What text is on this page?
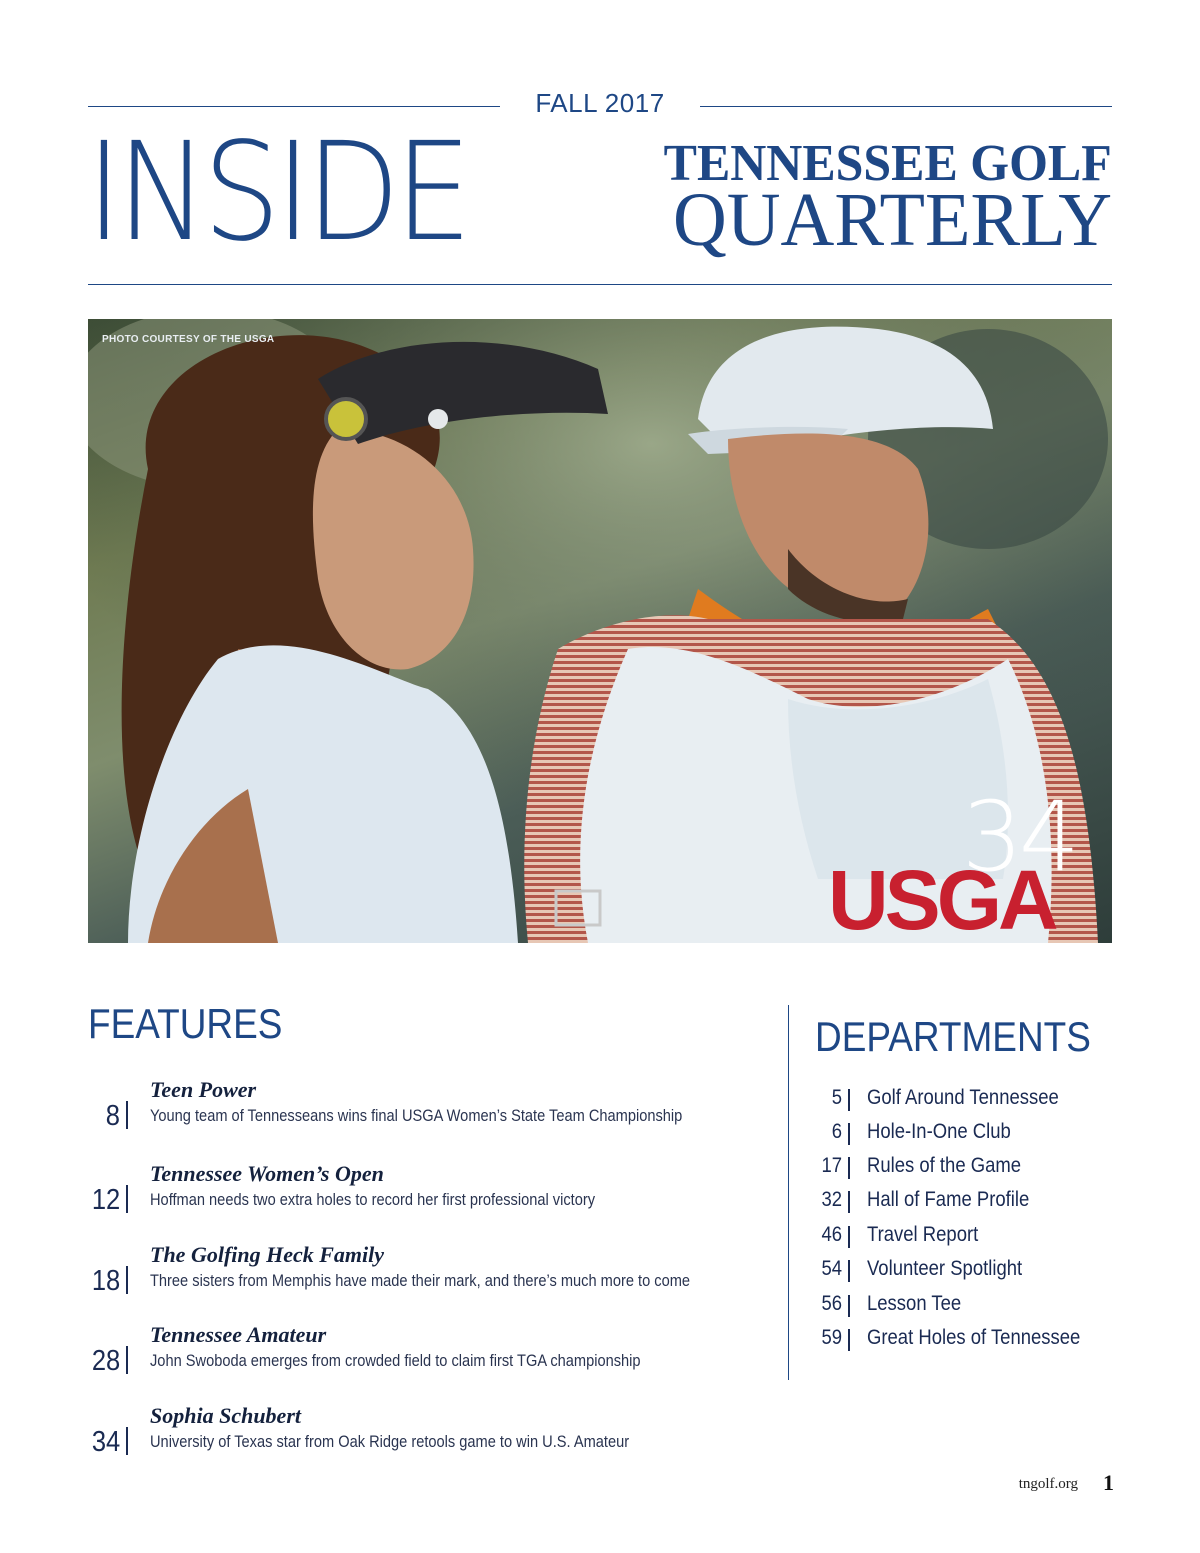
FALL 2017
INSIDE	TENNESSEE GOLF
QUARTERLY
USGA
PHOTO COURTESY OF THE USGA
34
FEATURES
8
Teen Power
Young team of Tennesseans wins final USGA Women’s State Team Championship
12
Tennessee Women’s Open
Hoffman needs two extra holes to record her first professional victory
18
The Golfing Heck Family
Three sisters from Memphis have made their mark, and there’s much more to come
28
Tennessee Amateur
John Swoboda emerges from crowded field to claim first TGA championship
34
Sophia Schubert
University of Texas star from Oak Ridge retools game to win U.S. Amateur
DEPARTMENTS
5 Golf Around Tennessee
6 Hole-In-One Club
17 Rules of the Game
32 Hall of Fame Profile
46 Travel Report
54 Volunteer Spotlight
56 Lesson Tee
59 Great Holes of Tennessee
tngolf.org 1
